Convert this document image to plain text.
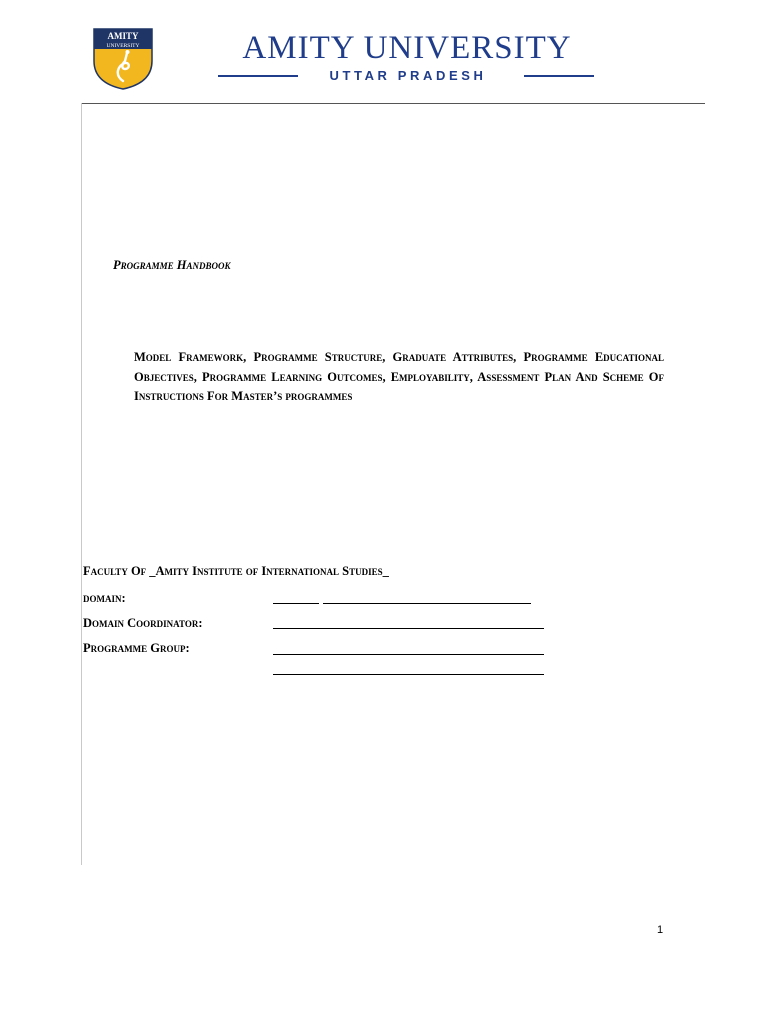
AMITY
UNIVERSITY	AMITY UNIVERSITY
UTTAR PRADESH
Programme Handbook
Model Framework, Programme Structure, Graduate Attributes, Programme Educational Objectives, Programme Learning Outcomes, Employability, Assessment Plan And Scheme Of Instructions For Master’s programmes
Faculty Of _Amity Institute of International Studies_
domain:
Domain Coordinator:
Programme Group:
1
